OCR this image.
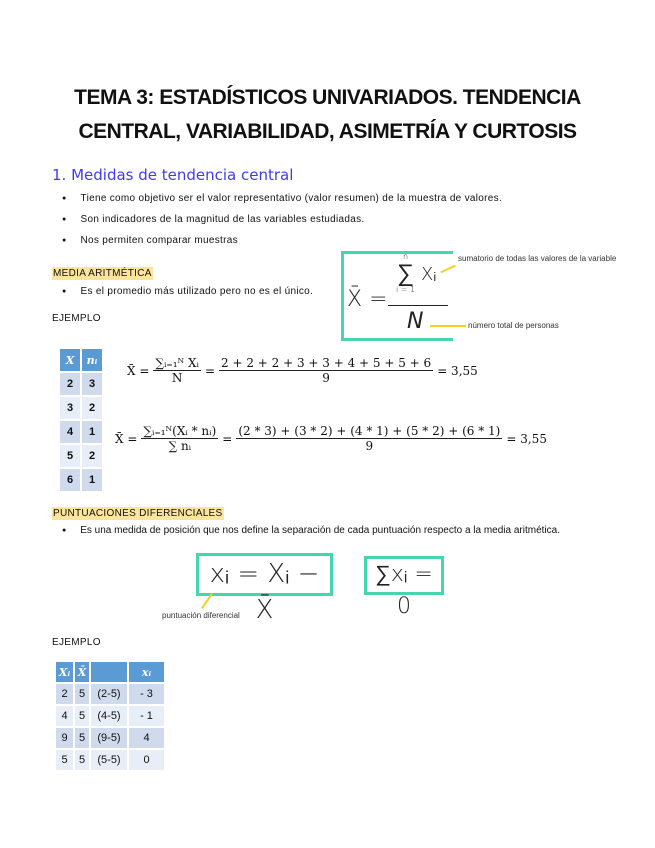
TEMA 3: ESTADÍSTICOS UNIVARIADOS. TENDENCIA
CENTRAL, VARIABILIDAD, ASIMETRÍA Y CURTOSIS
1. Medidas de tendencia central
● Tiene como objetivo ser el valor representativo (valor resumen) de la muestra de valores.
● Son indicadores de la magnitud de las variables estudiadas.
● Nos permiten comparar muestras
MEDIA ARITMÉTICA
● Es el promedio más utilizado pero no es el único.
EJEMPLO
X̄ =
n
∑
i = 1
Xᵢ
N
sumatorio de todas las valores de la variable
número total de personas
X	nᵢ
2	3
3	2
4	1
5	2
6	1
X̄ = $\frac{\text{∑ᵢ₌₁ᴺ Xᵢ}}{N} = \frac{2 + 2 + 2 + 3 + 3 + 4 + 5 + 5 + 6}{9} = 3,55$
X̄ = $\frac{\text{∑ᵢ₌₁ᴺ(Xᵢ * nᵢ)}}{\text{∑ nᵢ}} = \frac{(2 * 3) + (3 * 2) + (4 * 1) + (5 * 2) + (6 * 1)}{9} = 3,55$
PUNTUACIONES DIFERENCIALES
● Es una medida de posición que nos define la separación de cada puntuación respecto a la media aritmética.
xᵢ = Xᵢ − X̄
∑xᵢ = 0
puntuación diferencial
EJEMPLO
Xᵢ	X̄		xᵢ
2	5	(2-5)	- 3
4	5	(4-5)	- 1
9	5	(9-5)	4
5	5	(5-5)	0
